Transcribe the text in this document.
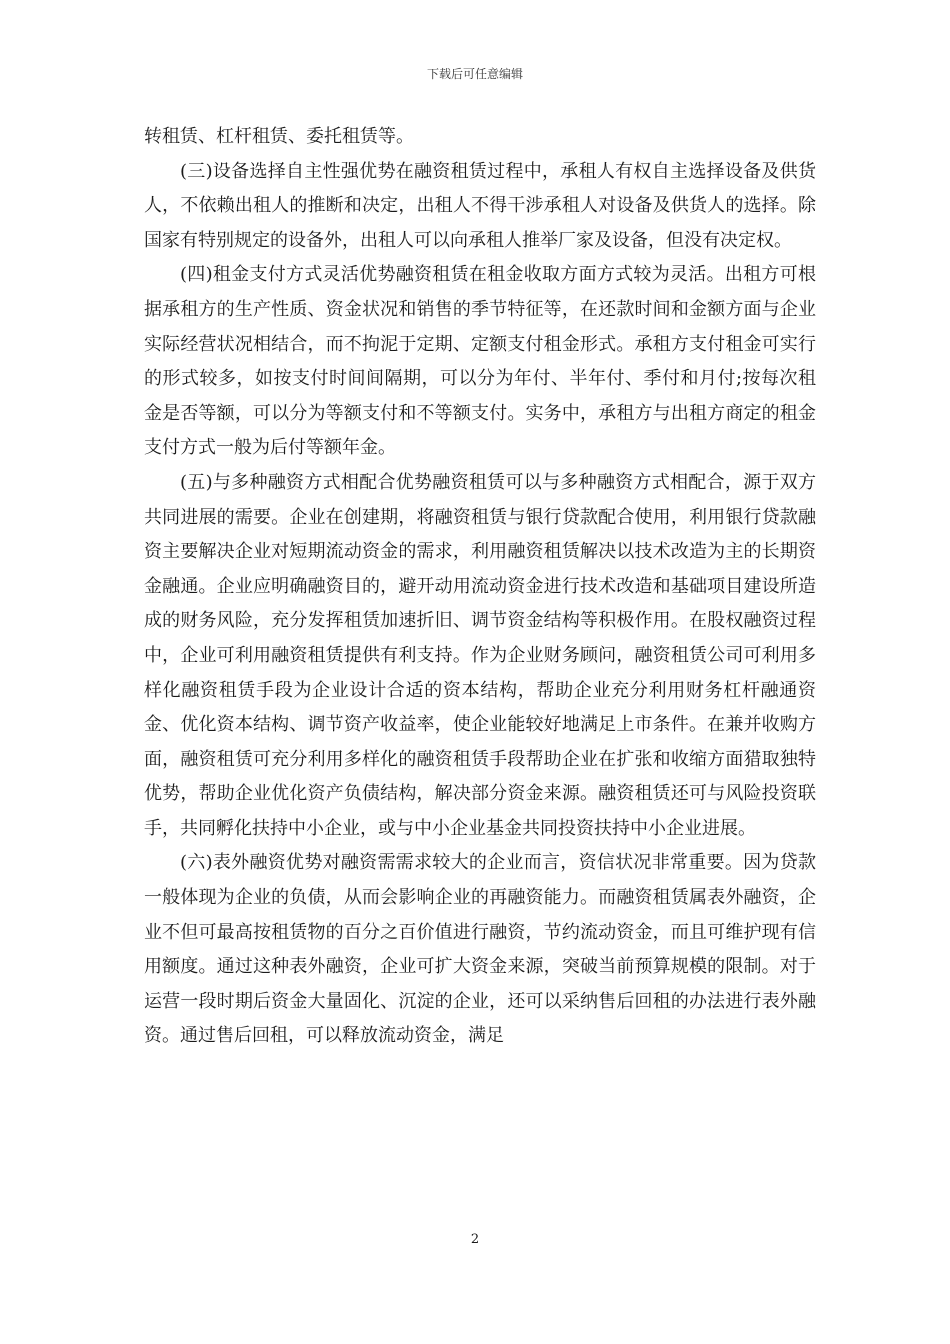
下载后可任意编辑

转租赁、杠杆租赁、委托租赁等。

(三)设备选择自主性强优势在融资租赁过程中，承租人有权自主选择设备及供货人，不依赖出租人的推断和决定，出租人不得干涉承租人对设备及供货人的选择。除国家有特别规定的设备外，出租人可以向承租人推举厂家及设备，但没有决定权。

(四)租金支付方式灵活优势融资租赁在租金收取方面方式较为灵活。出租方可根据承租方的生产性质、资金状况和销售的季节特征等，在还款时间和金额方面与企业实际经营状况相结合，而不拘泥于定期、定额支付租金形式。承租方支付租金可实行的形式较多，如按支付时间间隔期，可以分为年付、半年付、季付和月付;按每次租金是否等额，可以分为等额支付和不等额支付。实务中，承租方与出租方商定的租金支付方式一般为后付等额年金。

(五)与多种融资方式相配合优势融资租赁可以与多种融资方式相配合，源于双方共同进展的需要。企业在创建期，将融资租赁与银行贷款配合使用，利用银行贷款融资主要解决企业对短期流动资金的需求，利用融资租赁解决以技术改造为主的长期资金融通。企业应明确融资目的，避开动用流动资金进行技术改造和基础项目建设所造成的财务风险，充分发挥租赁加速折旧、调节资金结构等积极作用。在股权融资过程中，企业可利用融资租赁提供有利支持。作为企业财务顾问，融资租赁公司可利用多样化融资租赁手段为企业设计合适的资本结构，帮助企业充分利用财务杠杆融通资金、优化资本结构、调节资产收益率，使企业能较好地满足上市条件。在兼并收购方面，融资租赁可充分利用多样化的融资租赁手段帮助企业在扩张和收缩方面猎取独特优势，帮助企业优化资产负债结构，解决部分资金来源。融资租赁还可与风险投资联手，共同孵化扶持中小企业，或与中小企业基金共同投资扶持中小企业进展。

(六)表外融资优势对融资需需求较大的企业而言，资信状况非常重要。因为贷款一般体现为企业的负债，从而会影响企业的再融资能力。而融资租赁属表外融资，企业不但可最高按租赁物的百分之百价值进行融资，节约流动资金，而且可维护现有信用额度。通过这种表外融资，企业可扩大资金来源，突破当前预算规模的限制。对于运营一段时期后资金大量固化、沉淀的企业，还可以采纳售后回租的办法进行表外融资。通过售后回租，可以释放流动资金，满足

2
